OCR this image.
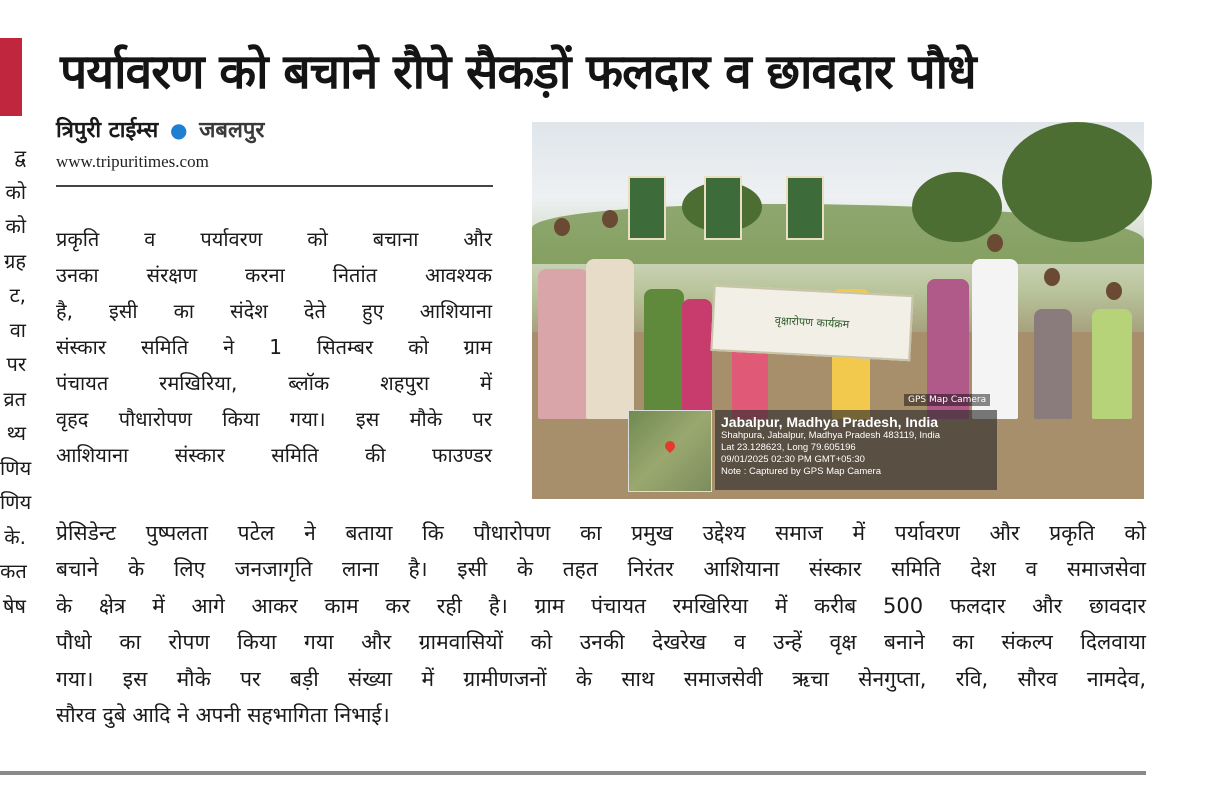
द्व
को
को
ग्रह
ट,
वा
पर
व्रत
थ्य
णिय
णिय
के.
कत
षेष
पर्यावरण को बचाने रौपे सैकड़ों फलदार व छावदार पौधे
त्रिपुरी टाईम्स ● जबलपुर
www.tripuritimes.com
प्रकृति व पर्यावरण को बचाना और
उनका संरक्षण करना नितांत आवश्यक
है, इसी का संदेश देते हुए आशियाना
संस्कार समिति ने 1 सितम्बर को ग्राम
पंचायत रमखिरिया, ब्लॉक शहपुरा में
वृहद पौधारोपण किया गया। इस मौके पर
आशियाना संस्कार समिति की फाउण्डर
वृक्षारोपण कार्यक्रम
GPS Map Camera
Jabalpur, Madhya Pradesh, India
Shahpura, Jabalpur, Madhya Pradesh 483119, India
Lat 23.128623, Long 79.605196
09/01/2025 02:30 PM GMT+05:30
Note : Captured by GPS Map Camera
प्रेसिडेन्ट पुष्पलता पटेल ने बताया कि पौधारोपण का प्रमुख उद्देश्य समाज में पर्यावरण और प्रकृति को
बचाने के लिए जनजागृति लाना है। इसी के तहत निरंतर आशियाना संस्कार समिति देश व समाजसेवा
के क्षेत्र में आगे आकर काम कर रही है। ग्राम पंचायत रमखिरिया में करीब 500 फलदार और छावदार
पौधो का रोपण किया गया और ग्रामवासियों को उनकी देखरेख व उन्हें वृक्ष बनाने का संकल्प दिलवाया
गया। इस मौके पर बड़ी संख्या में ग्रामीणजनों के साथ समाजसेवी ऋचा सेनगुप्ता, रवि, सौरव नामदेव,
सौरव दुबे आदि ने अपनी सहभागिता निभाई।
